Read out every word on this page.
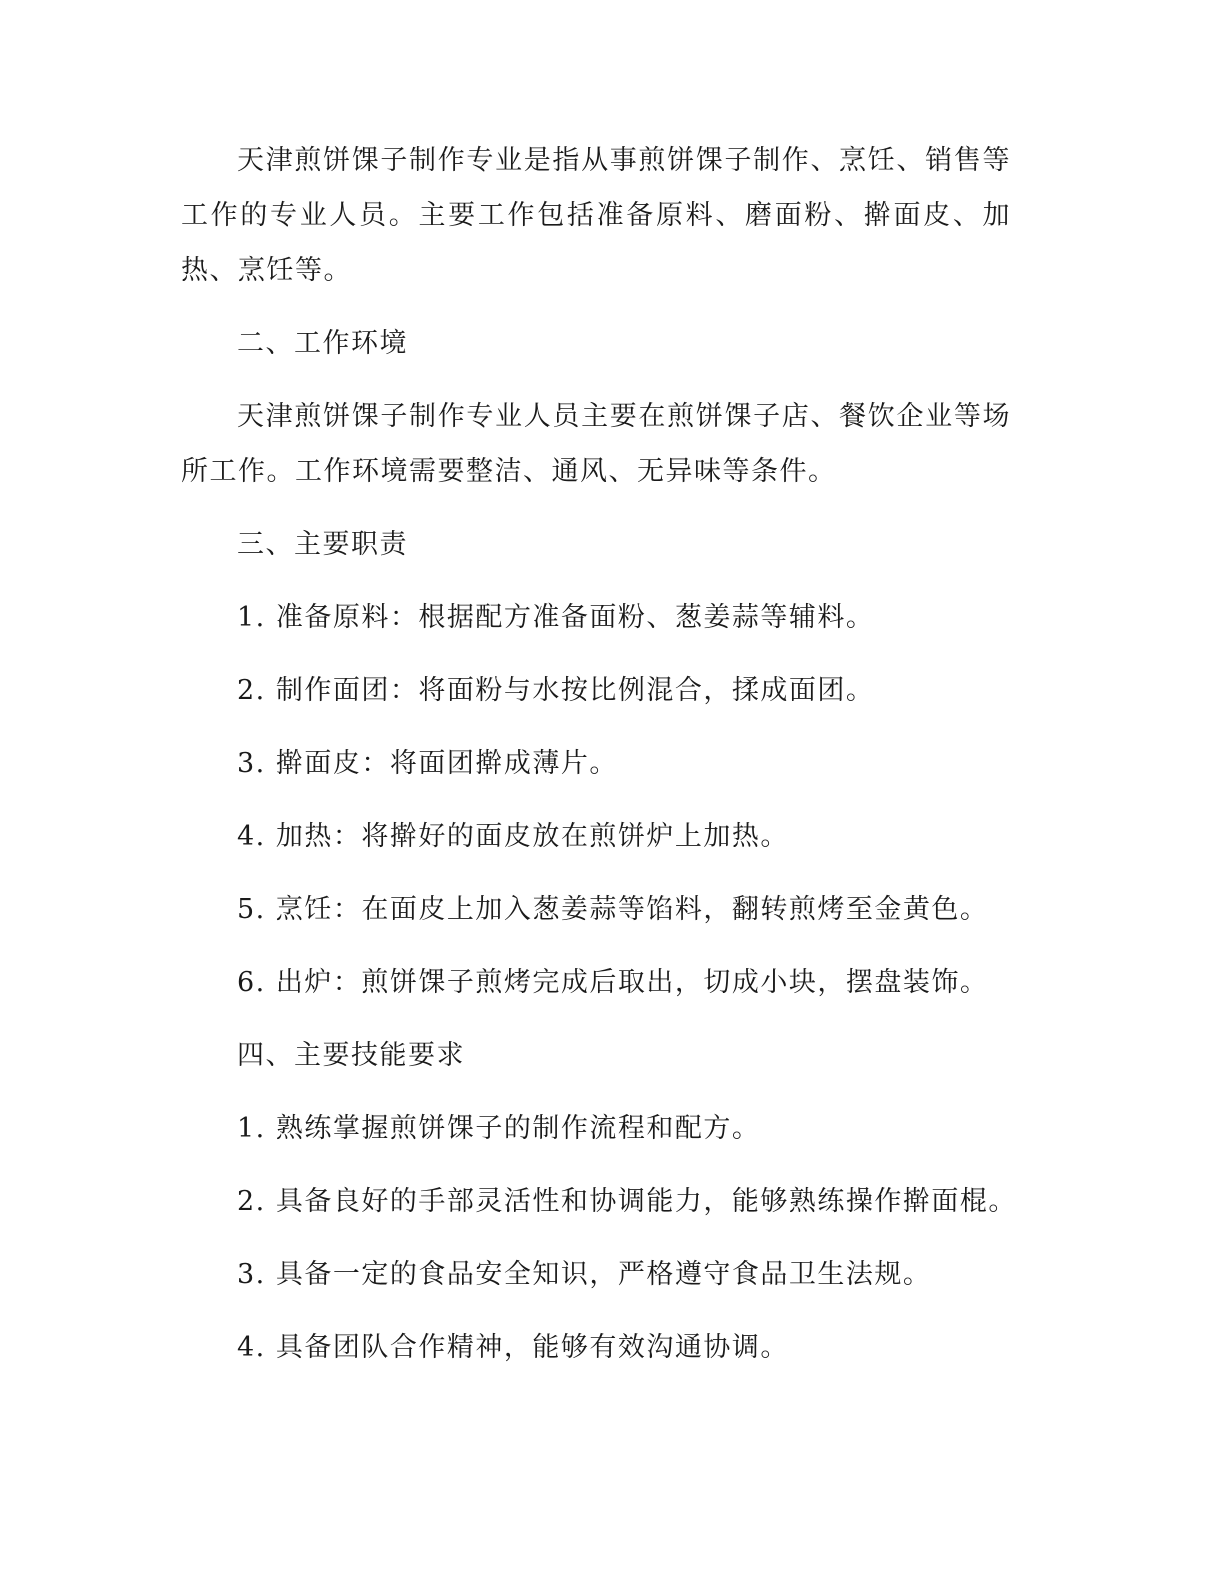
天津煎饼馃子制作专业是指从事煎饼馃子制作、烹饪、销售等工作的专业人员。主要工作包括准备原料、磨面粉、擀面皮、加热、烹饪等。

二、工作环境

天津煎饼馃子制作专业人员主要在煎饼馃子店、餐饮企业等场所工作。工作环境需要整洁、通风、无异味等条件。

三、主要职责

1. 准备原料：根据配方准备面粉、葱姜蒜等辅料。

2. 制作面团：将面粉与水按比例混合，揉成面团。

3. 擀面皮：将面团擀成薄片。

4. 加热：将擀好的面皮放在煎饼炉上加热。

5. 烹饪：在面皮上加入葱姜蒜等馅料，翻转煎烤至金黄色。

6. 出炉：煎饼馃子煎烤完成后取出，切成小块，摆盘装饰。

四、主要技能要求

1. 熟练掌握煎饼馃子的制作流程和配方。

2. 具备良好的手部灵活性和协调能力，能够熟练操作擀面棍。

3. 具备一定的食品安全知识，严格遵守食品卫生法规。

4. 具备团队合作精神，能够有效沟通协调。
